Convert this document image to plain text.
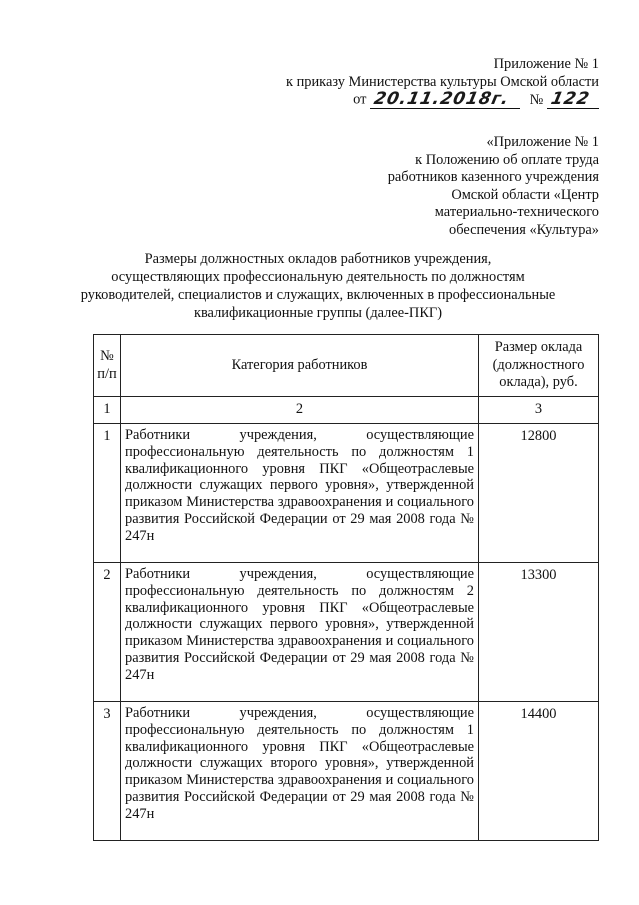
Приложение № 1
к приказу Министерства культуры Омской области
от 20.11.2018г. № 122
«Приложение № 1
к Положению об оплате труда
работников казенного учреждения
Омской области «Центр
материально-технического
обеспечения «Культура»
Размеры должностных окладов работников учреждения,
осуществляющих профессиональную деятельность по должностям
руководителей, специалистов и служащих, включенных в профессиональные
квалификационные группы (далее-ПКГ)
№ п/п	Категория работников	Размер оклада (должностного оклада), руб.
1	2	3
1	Работники учреждения, осуществляющие профессиональную деятельность по должностям 1 квалификационного уровня ПКГ «Общеотраслевые должности служащих первого уровня», утвержденной приказом Министерства здравоохранения и социального развития Российской Федерации от 29 мая 2008 года № 247н	12800
2	Работники учреждения, осуществляющие профессиональную деятельность по должностям 2 квалификационного уровня ПКГ «Общеотраслевые должности служащих первого уровня», утвержденной приказом Министерства здравоохранения и социального развития Российской Федерации от 29 мая 2008 года № 247н	13300
3	Работники учреждения, осуществляющие профессиональную деятельность по должностям 1 квалификационного уровня ПКГ «Общеотраслевые должности служащих второго уровня», утвержденной приказом Министерства здравоохранения и социального развития Российской Федерации от 29 мая 2008 года № 247н	14400
